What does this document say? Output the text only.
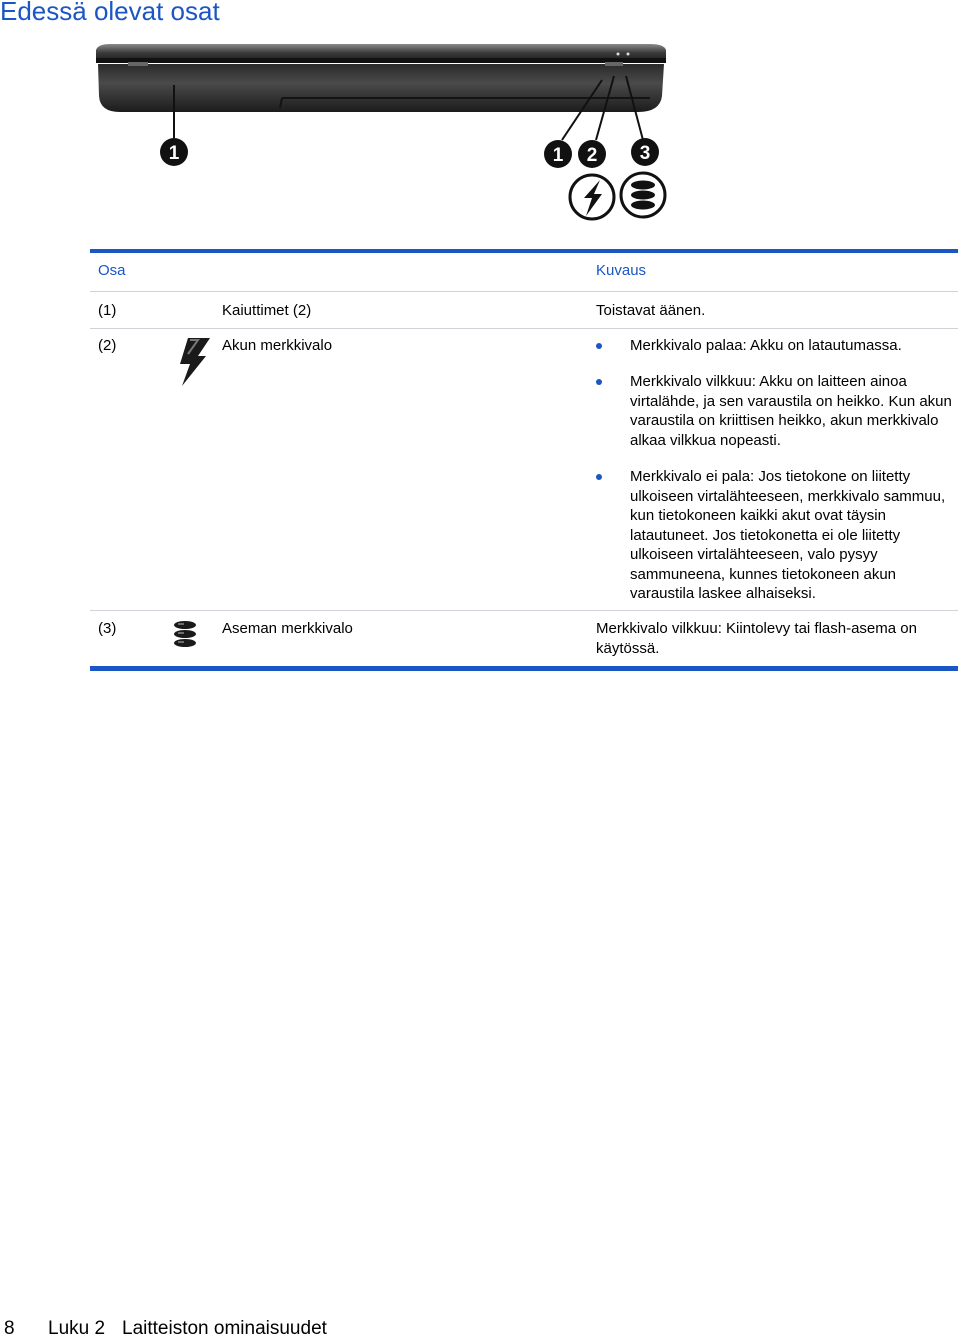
Edessä olevat osat
1	1 2 3
Osa	Kuvaus
(1)	Kaiuttimet (2)	Toistavat äänen.
(2)	Akun merkkivalo	Merkkivalo palaa: Akku on latautumassa.
Merkkivalo vilkkuu: Akku on laitteen ainoa virtalähde, ja sen varaustila on heikko. Kun akun varaustila on kriittisen heikko, akun merkkivalo alkaa vilkkua nopeasti.
Merkkivalo ei pala: Jos tietokone on liitetty ulkoiseen virtalähteeseen, merkkivalo sammuu, kun tietokoneen kaikki akut ovat täysin latautuneet. Jos tietokonetta ei ole liitetty ulkoiseen virtalähteeseen, valo pysyy sammuneena, kunnes tietokoneen akun varaustila laskee alhaiseksi.
(3)	Aseman merkkivalo	Merkkivalo vilkkuu: Kiintolevy tai flash-asema on käytössä.
8 Luku 2 Laitteiston ominaisuudet
